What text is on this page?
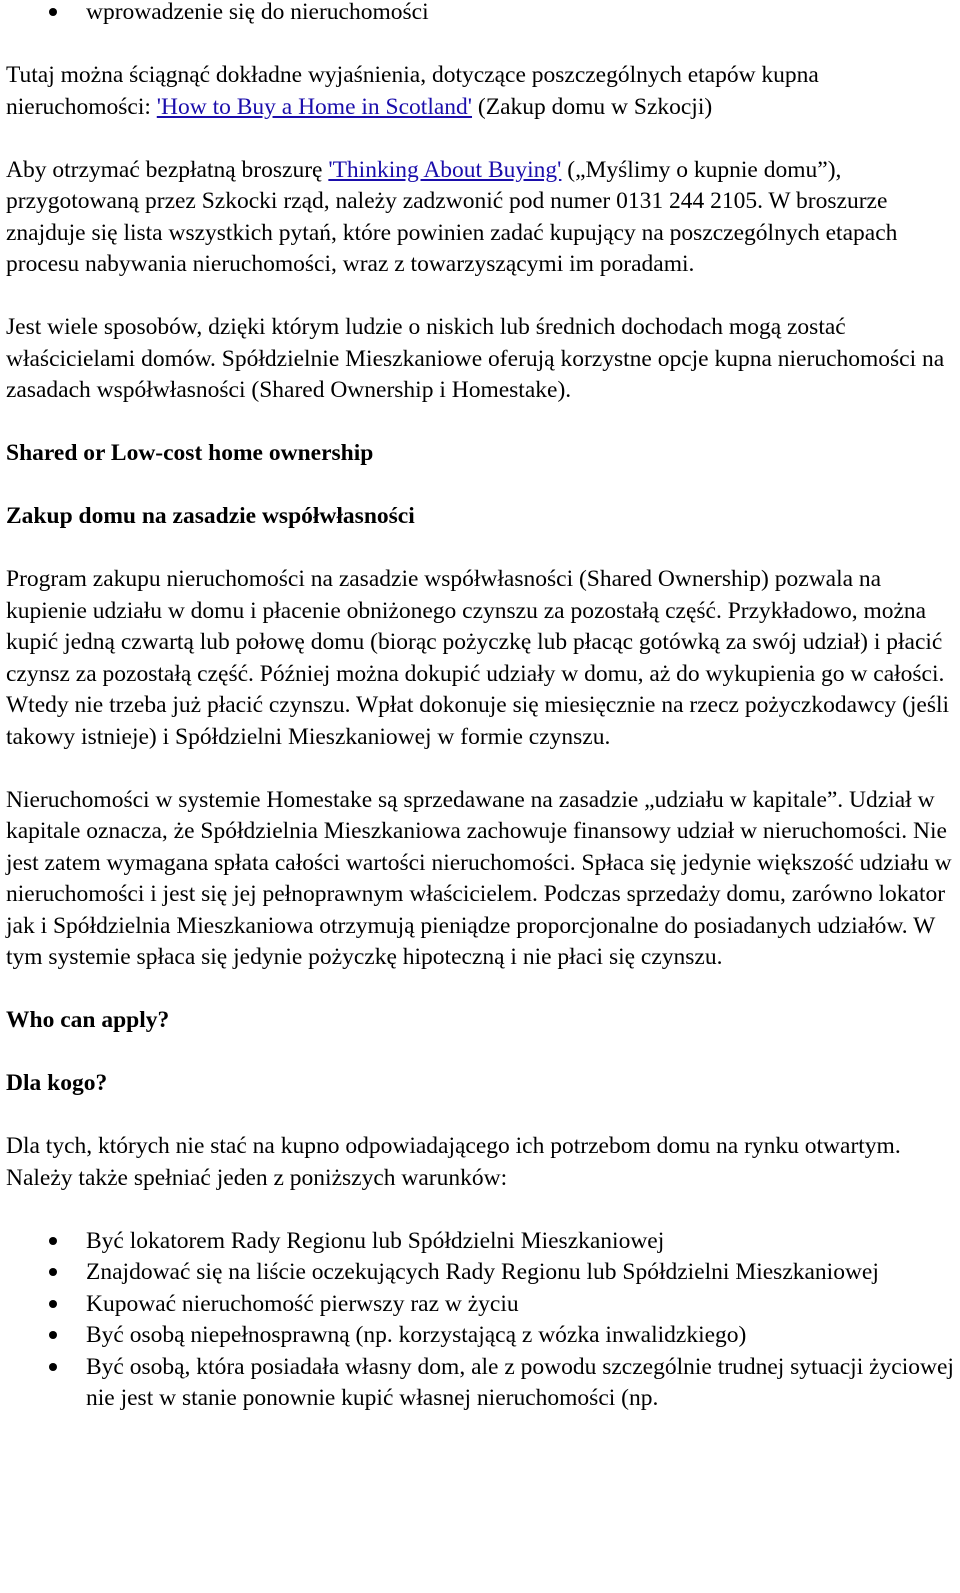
wprowadzenie się do nieruchomości

Tutaj można ściągnąć dokładne wyjaśnienia, dotyczące poszczególnych etapów kupna nieruchomości: 'How to Buy a Home in Scotland' (Zakup domu w Szkocji)

Aby otrzymać bezpłatną broszurę 'Thinking About Buying' („Myślimy o kupnie domu”), przygotowaną przez Szkocki rząd, należy zadzwonić pod numer 0131 244 2105. W broszurze znajduje się lista wszystkich pytań, które powinien zadać kupujący na poszczególnych etapach procesu nabywania nieruchomości, wraz z towarzyszącymi im poradami.

Jest wiele sposobów, dzięki którym ludzie o niskich lub średnich dochodach mogą zostać właścicielami domów. Spółdzielnie Mieszkaniowe oferują korzystne opcje kupna nieruchomości na zasadach współwłasności (Shared Ownership i Homestake).

Shared or Low-cost home ownership
Zakup domu na zasadzie współwłasności

Program zakupu nieruchomości na zasadzie współwłasności (Shared Ownership) pozwala na kupienie udziału w domu i płacenie obniżonego czynszu za pozostałą część. Przykładowo, można kupić jedną czwartą lub połowę domu (biorąc pożyczkę lub płacąc gotówką za swój udział) i płacić czynsz za pozostałą część. Później można dokupić udziały w domu, aż do wykupienia go w całości. Wtedy nie trzeba już płacić czynszu. Wpłat dokonuje się miesięcznie na rzecz pożyczkodawcy (jeśli takowy istnieje) i Spółdzielni Mieszkaniowej w formie czynszu.

Nieruchomości w systemie Homestake są sprzedawane na zasadzie „udziału w kapitale”. Udział w kapitale oznacza, że Spółdzielnia Mieszkaniowa zachowuje finansowy udział w nieruchomości. Nie jest zatem wymagana spłata całości wartości nieruchomości. Spłaca się jedynie większość udziału w nieruchomości i jest się jej pełnoprawnym właścicielem. Podczas sprzedaży domu, zarówno lokator jak i Spółdzielnia Mieszkaniowa otrzymują pieniądze proporcjonalne do posiadanych udziałów. W tym systemie spłaca się jedynie pożyczkę hipoteczną i nie płaci się czynszu.

Who can apply?
Dla kogo?

Dla tych, których nie stać na kupno odpowiadającego ich potrzebom domu na rynku otwartym. Należy także spełniać jeden z poniższych warunków:

Być lokatorem Rady Regionu lub Spółdzielni Mieszkaniowej
Znajdować się na liście oczekujących Rady Regionu lub Spółdzielni Mieszkaniowej
Kupować nieruchomość pierwszy raz w życiu
Być osobą niepełnosprawną (np. korzystającą z wózka inwalidzkiego)
Być osobą, która posiadała własny dom, ale z powodu szczególnie trudnej sytuacji życiowej nie jest w stanie ponownie kupić własnej nieruchomości (np.
